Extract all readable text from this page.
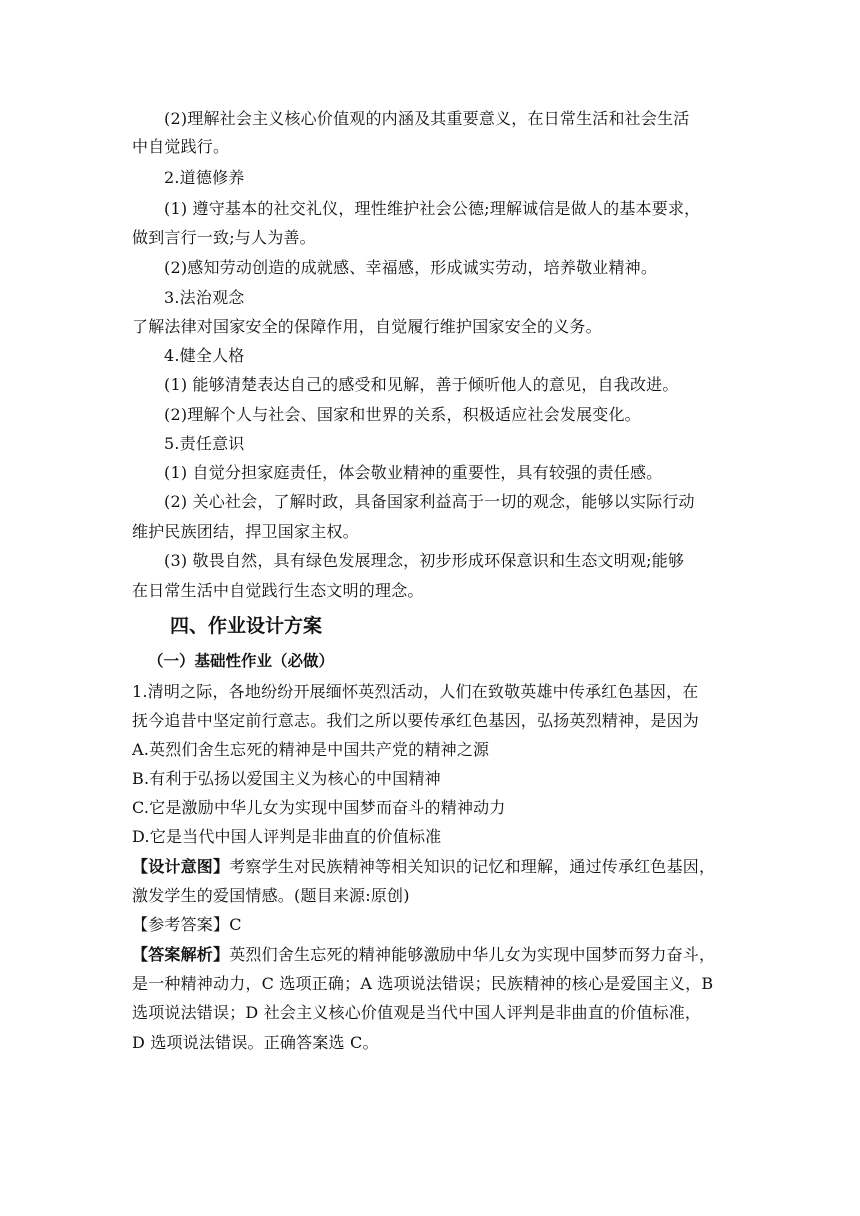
(2)理解社会主义核心价值观的内涵及其重要意义，在日常生活和社会生活
中自觉践行。
2.道德修养
(1) 遵守基本的社交礼仪，理性维护社会公德;理解诚信是做人的基本要求，
做到言行一致;与人为善。
(2)感知劳动创造的成就感、幸福感，形成诚实劳动，培养敬业精神。
3.法治观念
了解法律对国家安全的保障作用，自觉履行维护国家安全的义务。
4.健全人格
(1) 能够清楚表达自己的感受和见解，善于倾听他人的意见，自我改进。
(2)理解个人与社会、国家和世界的关系，积极适应社会发展变化。
5.责任意识
(1) 自觉分担家庭责任，体会敬业精神的重要性，具有较强的责任感。
(2) 关心社会，了解时政，具备国家利益高于一切的观念，能够以实际行动
维护民族团结，捍卫国家主权。
(3) 敬畏自然，具有绿色发展理念，初步形成环保意识和生态文明观;能够
在日常生活中自觉践行生态文明的理念。
四、作业设计方案
（一）基础性作业（必做）
1.清明之际，各地纷纷开展缅怀英烈活动，人们在致敬英雄中传承红色基因，在
抚今追昔中坚定前行意志。我们之所以要传承红色基因，弘扬英烈精神，是因为
A.英烈们舍生忘死的精神是中国共产党的精神之源
B.有利于弘扬以爱国主义为核心的中国精神
C.它是激励中华儿女为实现中国梦而奋斗的精神动力
D.它是当代中国人评判是非曲直的价值标准
【设计意图】考察学生对民族精神等相关知识的记忆和理解，通过传承红色基因，
激发学生的爱国情感。(题目来源:原创)
【参考答案】C
【答案解析】英烈们舍生忘死的精神能够激励中华儿女为实现中国梦而努力奋斗，
是一种精神动力，C 选项正确；A 选项说法错误；民族精神的核心是爱国主义，B
选项说法错误；D 社会主义核心价值观是当代中国人评判是非曲直的价值标准，
D 选项说法错误。正确答案选 C。
